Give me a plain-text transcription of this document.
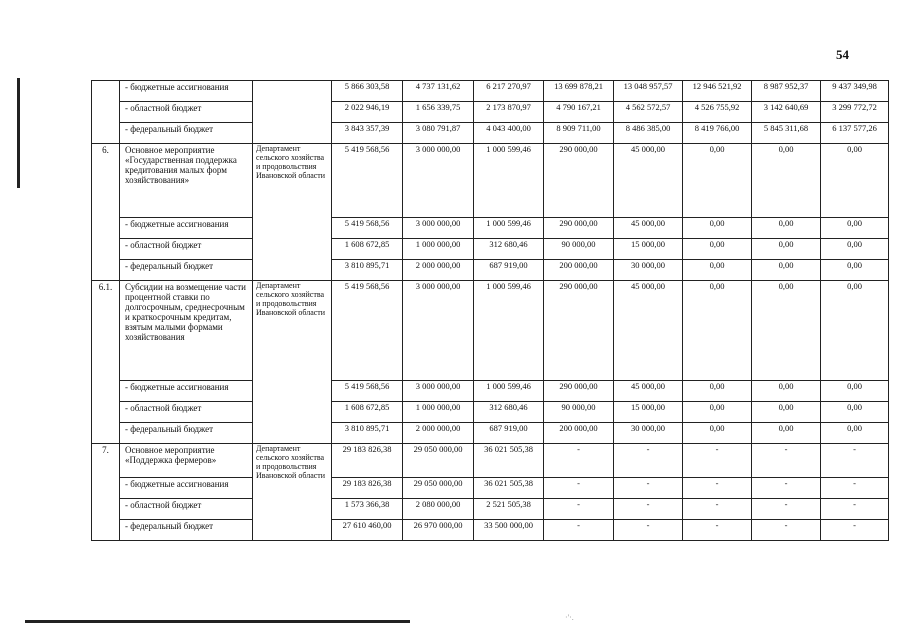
54
	- бюджетные ассигнования		5 866 303,58	4 737 131,62	6 217 270,97	13 699 878,21	13 048 957,57	12 946 521,92	8 987 952,37	9 437 349,98
	- областной бюджет		2 022 946,19	1 656 339,75	2 173 870,97	4 790 167,21	4 562 572,57	4 526 755,92	3 142 640,69	3 299 772,72
	- федеральный бюджет		3 843 357,39	3 080 791,87	4 043 400,00	8 909 711,00	8 486 385,00	8 419 766,00	5 845 311,68	6 137 577,26
6.	Основное мероприятие «Государственная поддержка кредитования малых форм хозяйствования»	Департамент сельского хозяйства и продовольствия Ивановской области	5 419 568,56	3 000 000,00	1 000 599,46	290 000,00	45 000,00	0,00	0,00	0,00
	- бюджетные ассигнования		5 419 568,56	3 000 000,00	1 000 599,46	290 000,00	45 000,00	0,00	0,00	0,00
	- областной бюджет		1 608 672,85	1 000 000,00	312 680,46	90 000,00	15 000,00	0,00	0,00	0,00
	- федеральный бюджет		3 810 895,71	2 000 000,00	687 919,00	200 000,00	30 000,00	0,00	0,00	0,00
6.1.	Субсидии на возмещение части процентной ставки по долгосрочным, среднесрочным и краткосрочным кредитам, взятым малыми формами хозяйствования	Департамент сельского хозяйства и продовольствия Ивановской области	5 419 568,56	3 000 000,00	1 000 599,46	290 000,00	45 000,00	0,00	0,00	0,00
	- бюджетные ассигнования		5 419 568,56	3 000 000,00	1 000 599,46	290 000,00	45 000,00	0,00	0,00	0,00
	- областной бюджет		1 608 672,85	1 000 000,00	312 680,46	90 000,00	15 000,00	0,00	0,00	0,00
	- федеральный бюджет		3 810 895,71	2 000 000,00	687 919,00	200 000,00	30 000,00	0,00	0,00	0,00
7.	Основное мероприятие «Поддержка фермеров»	Департамент сельского хозяйства и продовольствия Ивановской области	29 183 826,38	29 050 000,00	36 021 505,38	-	-	-	-	-
	- бюджетные ассигнования		29 183 826,38	29 050 000,00	36 021 505,38	-	-	-	-	-
	- областной бюджет		1 573 366,38	2 080 000,00	2 521 505,38	-	-	-	-	-
	- федеральный бюджет		27 610 460,00	26 970 000,00	33 500 000,00	-	-	-	-	-
·'·.
